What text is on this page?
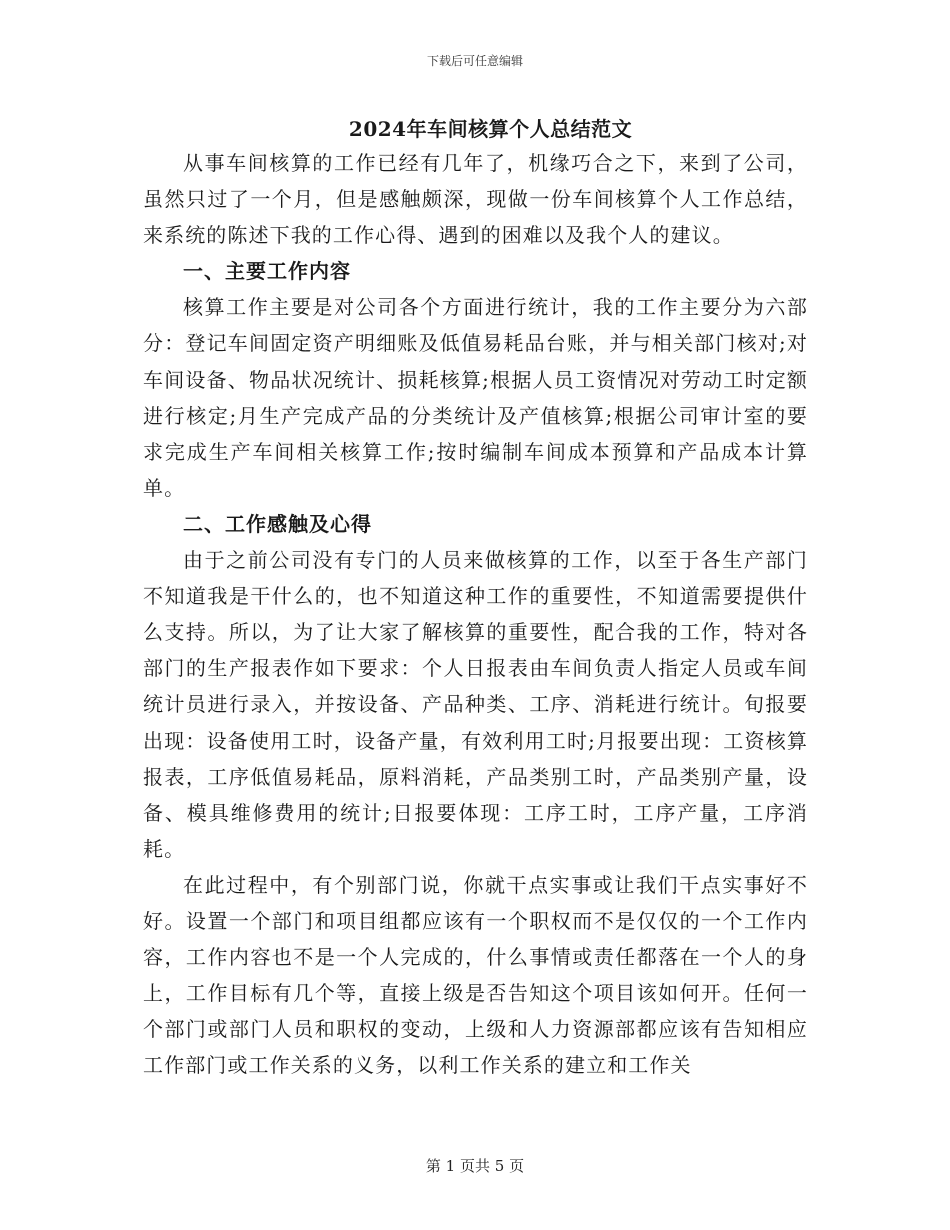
下载后可任意编辑
2024年车间核算个人总结范文

从事车间核算的工作已经有几年了，机缘巧合之下，来到了公司，虽然只过了一个月，但是感触颇深，现做一份车间核算个人工作总结，来系统的陈述下我的工作心得、遇到的困难以及我个人的建议。

一、主要工作内容

核算工作主要是对公司各个方面进行统计，我的工作主要分为六部分：登记车间固定资产明细账及低值易耗品台账，并与相关部门核对;对车间设备、物品状况统计、损耗核算;根据人员工资情况对劳动工时定额进行核定;月生产完成产品的分类统计及产值核算;根据公司审计室的要求完成生产车间相关核算工作;按时编制车间成本预算和产品成本计算单。

二、工作感触及心得

由于之前公司没有专门的人员来做核算的工作，以至于各生产部门不知道我是干什么的，也不知道这种工作的重要性，不知道需要提供什么支持。所以，为了让大家了解核算的重要性，配合我的工作，特对各部门的生产报表作如下要求：个人日报表由车间负责人指定人员或车间统计员进行录入，并按设备、产品种类、工序、消耗进行统计。旬报要出现：设备使用工时，设备产量，有效利用工时;月报要出现：工资核算报表，工序低值易耗品，原料消耗，产品类别工时，产品类别产量，设备、模具维修费用的统计;日报要体现：工序工时，工序产量，工序消耗。

在此过程中，有个别部门说，你就干点实事或让我们干点实事好不好。设置一个部门和项目组都应该有一个职权而不是仅仅的一个工作内容，工作内容也不是一个人完成的，什么事情或责任都落在一个人的身上，工作目标有几个等，直接上级是否告知这个项目该如何开。任何一个部门或部门人员和职权的变动，上级和人力资源部都应该有告知相应工作部门或工作关系的义务，以利工作关系的建立和工作关

第 1 页共 5 页
